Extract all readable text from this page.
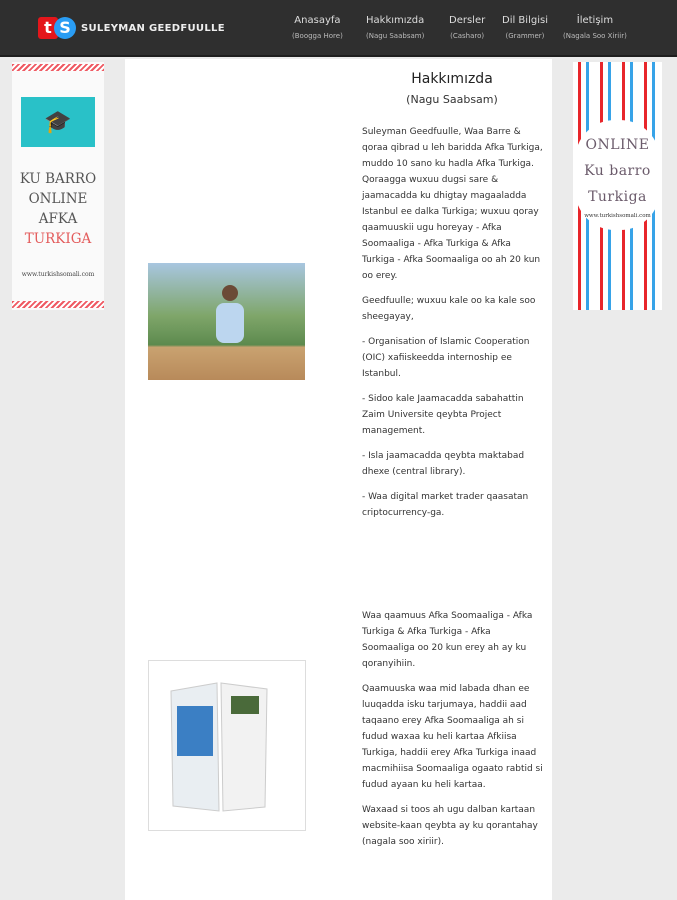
t S	SULEYMAN GEEDFUULLE
Anasayfa
(Boogga Hore)
Hakkımızda
(Nagu Saabsam)
Dersler
(Casharo)
Dil Bilgisi
(Grammer)
İletişim
(Nagala Soo Xiriir)
🎓
KU BARRO
ONLINE
AFKA
TURKIGA
www.turkishsomali.com
ONLINE
Ku barro
Turkiga
www.turkishsomali.com
Hakkımızda
(Nagu Saabsam)

Suleyman Geedfuulle, Waa Barre & qoraa qibrad u leh baridda Afka Turkiga, muddo 10 sano ku hadla Afka Turkiga. Qoraagga wuxuu dugsi sare & jaamacadda ku dhigtay magaaladda Istanbul ee dalka Turkiga; wuxuu qoray qaamuuskii ugu horeyay - Afka Soomaaliga - Afka Turkiga & Afka Turkiga - Afka Soomaaliga oo ah 20 kun oo erey.

Geedfuulle; wuxuu kale oo ka kale soo sheegayay,

- Organisation of Islamic Cooperation (OIC) xafiiskeedda internoship ee Istanbul.

- Sidoo kale Jaamacadda sabahattin Zaim Universite qeybta Project management.

- Isla jaamacadda qeybta maktabad dhexe (central library).

- Waa digital market trader qaasatan criptocurrency-ga.

Waa qaamuus Afka Soomaaliga - Afka Turkiga & Afka Turkiga - Afka Soomaaliga oo 20 kun erey ah ay ku qoranyihiin.

Qaamuuska waa mid labada dhan ee luuqadda isku tarjumaya, haddii aad taqaano erey Afka Soomaaliga ah si fudud waxaa ku heli kartaa Afkiisa Turkiga, haddii erey Afka Turkiga inaad macmihiisa Soomaaliga ogaato rabtid si fudud ayaan ku heli kartaa.

Waxaad si toos ah ugu dalban kartaan website-kaan qeybta ay ku qorantahay (nagala soo xiriir).
